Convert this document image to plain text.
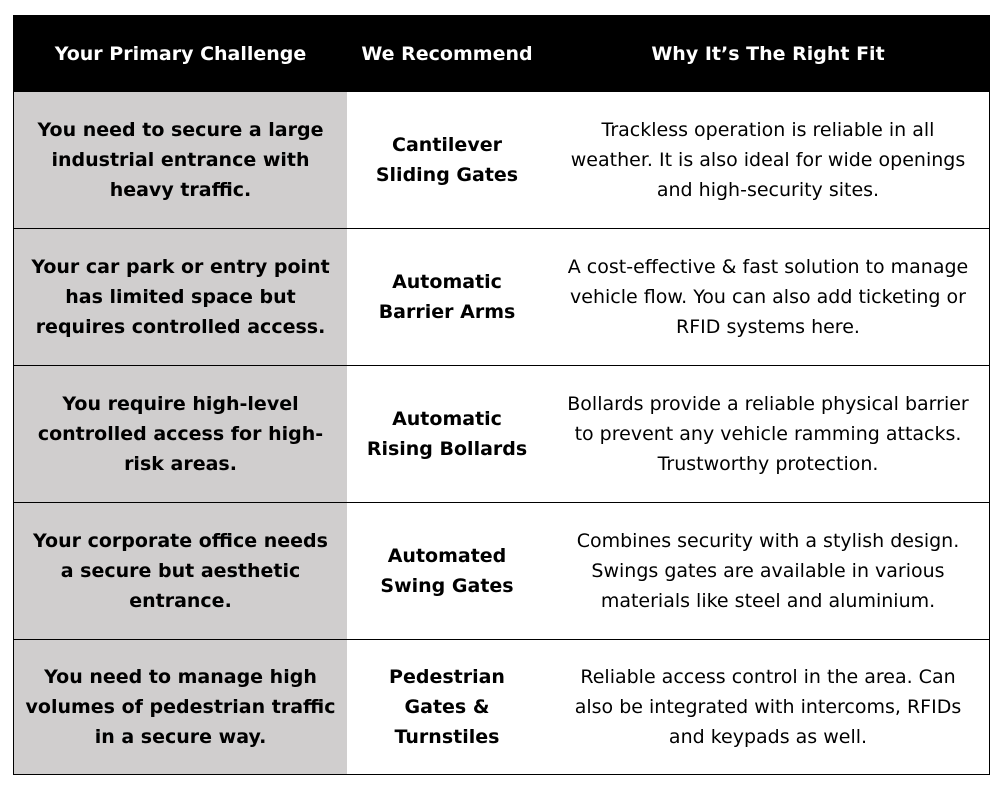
Your Primary Challenge	We Recommend	Why It’s The Right Fit
You need to secure a large industrial entrance with heavy traffic.
Cantilever Sliding Gates
Trackless operation is reliable in all weather. It is also ideal for wide openings and high-security sites.
Your car park or entry point has limited space but requires controlled access.
Automatic Barrier Arms
A cost-effective & fast solution to manage vehicle flow. You can also add ticketing or RFID systems here.
You require high-level controlled access for high-risk areas.
Automatic Rising Bollards
Bollards provide a reliable physical barrier to prevent any vehicle ramming attacks. Trustworthy protection.
Your corporate office needs a secure but aesthetic entrance.
Automated Swing Gates
Combines security with a stylish design. Swings gates are available in various materials like steel and aluminium.
You need to manage high volumes of pedestrian traffic in a secure way.
Pedestrian Gates & Turnstiles
Reliable access control in the area. Can also be integrated with intercoms, RFIDs and keypads as well.
